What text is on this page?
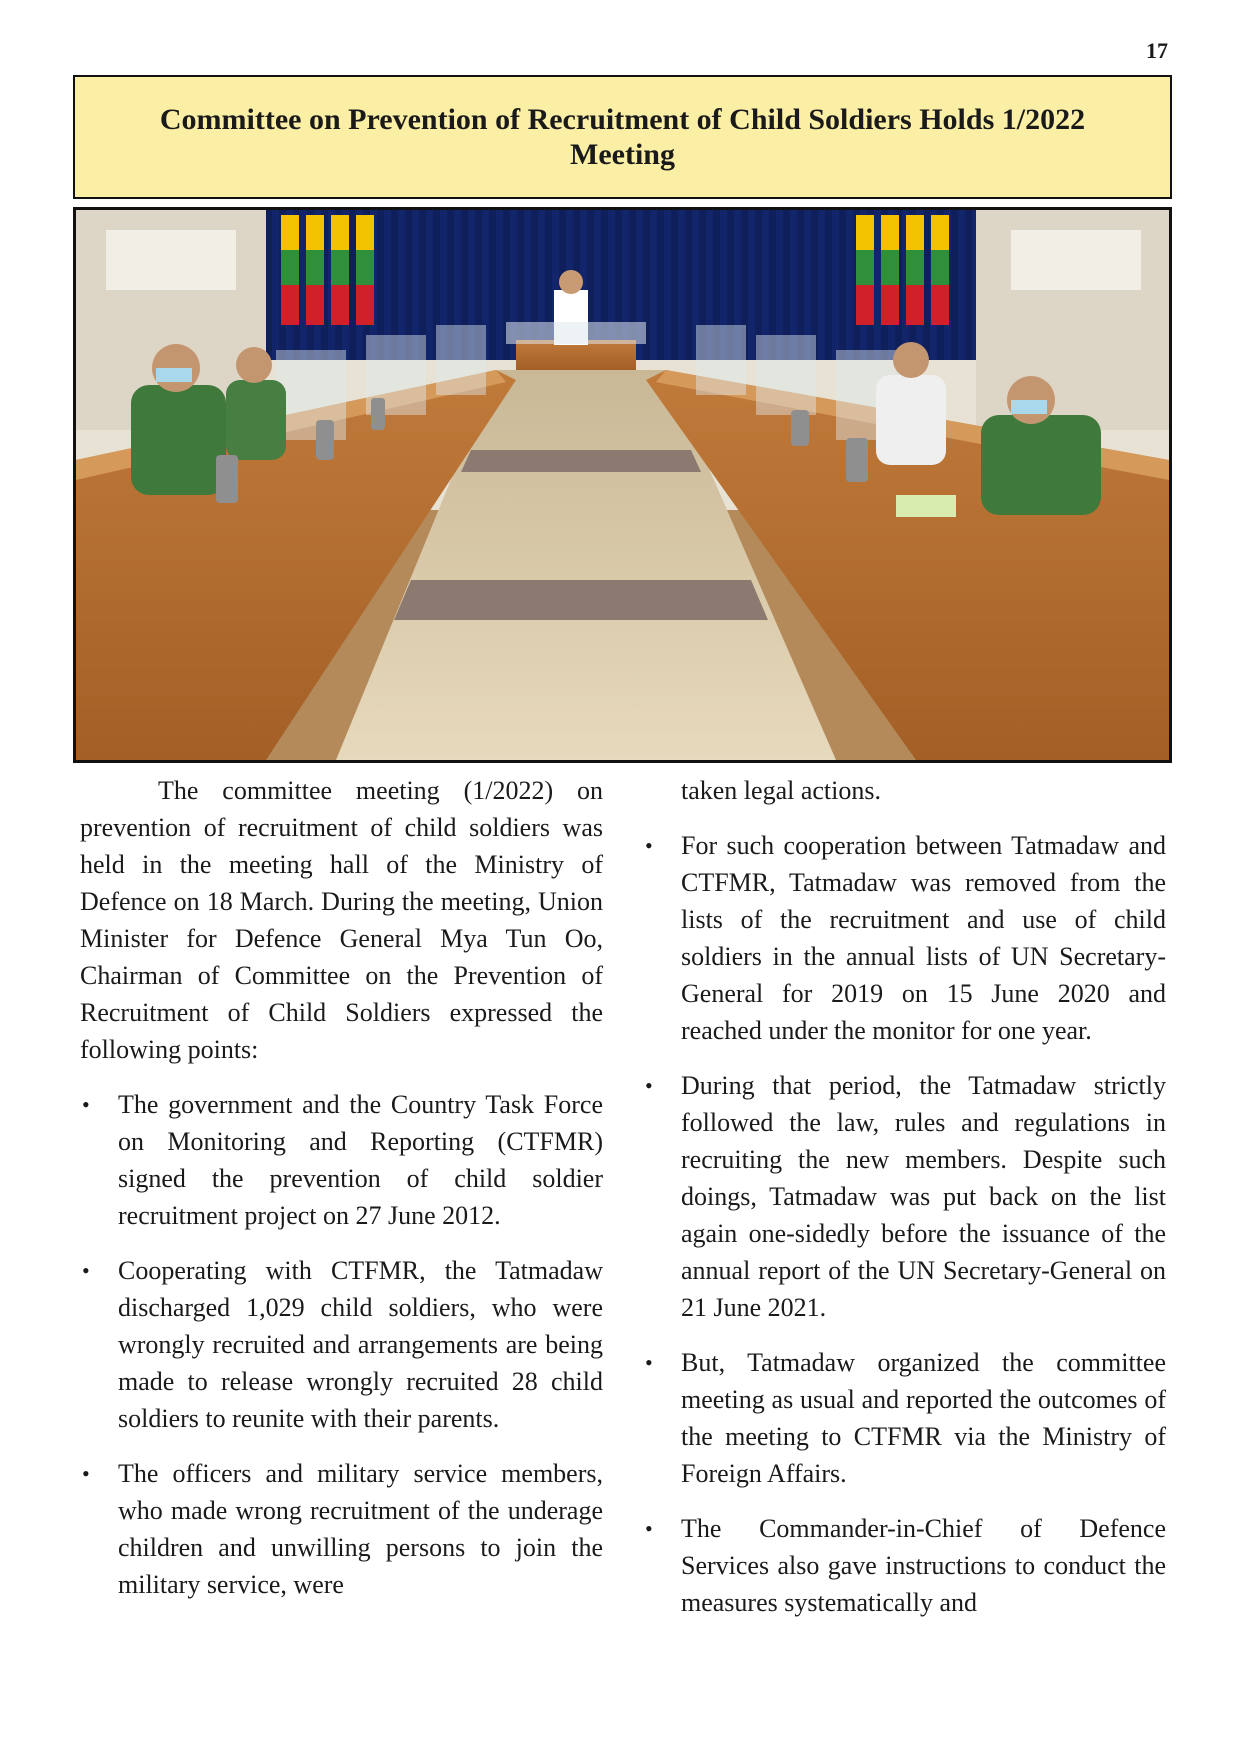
17
Committee on Prevention of Recruitment of Child Soldiers Holds 1/2022 Meeting

The committee meeting (1/2022) on prevention of recruitment of child soldiers was held in the meeting hall of the Ministry of Defence on 18 March. During the meeting, Union Minister for Defence General Mya Tun Oo, Chairman of Committee on the Prevention of Recruitment of Child Soldiers expressed the following points:

• The government and the Country Task Force on Monitoring and Reporting (CTFMR) signed the prevention of child soldier recruitment project on 27 June 2012.
• Cooperating with CTFMR, the Tatmadaw discharged 1,029 child soldiers, who were wrongly recruited and arrangements are being made to release wrongly recruited 28 child soldiers to reunite with their parents.
• The officers and military service members, who made wrong recruitment of the underage children and unwilling persons to join the military service, were

taken legal actions.

• For such cooperation between Tatmadaw and CTFMR, Tatmadaw was removed from the lists of the recruitment and use of child soldiers in the annual lists of UN Secretary-General for 2019 on 15 June 2020 and reached under the monitor for one year.
• During that period, the Tatmadaw strictly followed the law, rules and regulations in recruiting the new members. Despite such doings, Tatmadaw was put back on the list again one-sidedly before the issuance of the annual report of the UN Secretary-General on 21 June 2021.
• But, Tatmadaw organized the committee meeting as usual and reported the outcomes of the meeting to CTFMR via the Ministry of Foreign Affairs.
• The Commander-in-Chief of Defence Services also gave instructions to conduct the measures systematically and
